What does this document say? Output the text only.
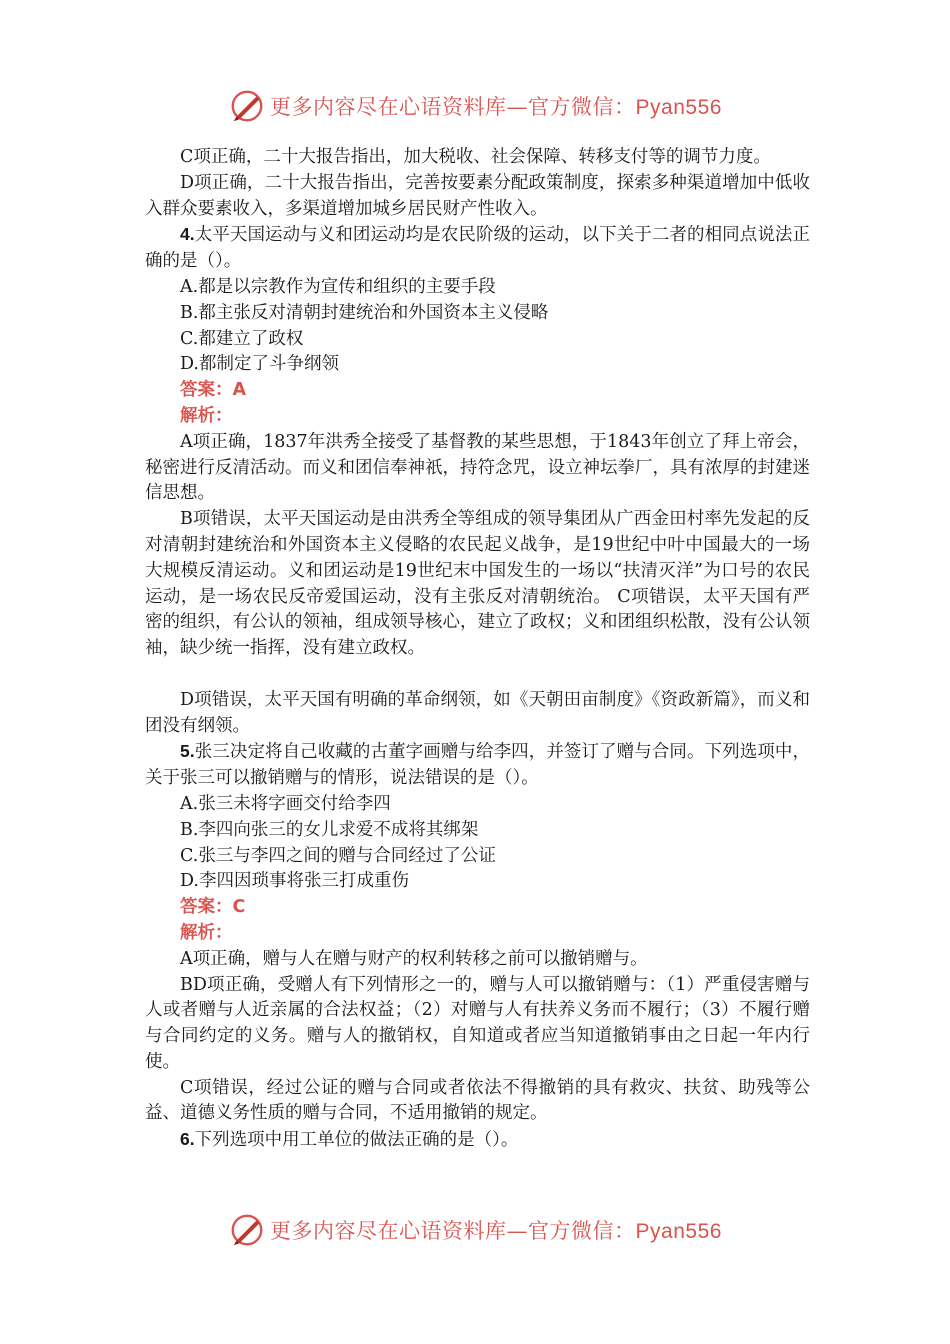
更多内容尽在心语资料库—官方微信：Pyan556

C项正确，二十大报告指出，加大税收、社会保障、转移支付等的调节力度。

D项正确，二十大报告指出，完善按要素分配政策制度，探索多种渠道增加中低收入群众要素收入，多渠道增加城乡居民财产性收入。

4.太平天国运动与义和团运动均是农民阶级的运动，以下关于二者的相同点说法正确的是（）。

A.都是以宗教作为宣传和组织的主要手段

B.都主张反对清朝封建统治和外国资本主义侵略

C.都建立了政权

D.都制定了斗争纲领

答案：A

解析：

A项正确，1837年洪秀全接受了基督教的某些思想，于1843年创立了拜上帝会，秘密进行反清活动。而义和团信奉神祇，持符念咒，设立神坛拳厂，具有浓厚的封建迷信思想。

B项错误，太平天国运动是由洪秀全等组成的领导集团从广西金田村率先发起的反对清朝封建统治和外国资本主义侵略的农民起义战争，是19世纪中叶中国最大的一场大规模反清运动。义和团运动是19世纪末中国发生的一场以“扶清灭洋”为口号的农民运动，是一场农民反帝爱国运动，没有主张反对清朝统治。 C项错误，太平天国有严密的组织，有公认的领袖，组成领导核心，建立了政权；义和团组织松散，没有公认领袖，缺少统一指挥，没有建立政权。

D项错误，太平天国有明确的革命纲领，如《天朝田亩制度》《资政新篇》，而义和团没有纲领。

5.张三决定将自己收藏的古董字画赠与给李四，并签订了赠与合同。下列选项中，关于张三可以撤销赠与的情形，说法错误的是（）。

A.张三未将字画交付给李四

B.李四向张三的女儿求爱不成将其绑架

C.张三与李四之间的赠与合同经过了公证

D.李四因琐事将张三打成重伤

答案：C

解析：

A项正确，赠与人在赠与财产的权利转移之前可以撤销赠与。

BD项正确，受赠人有下列情形之一的，赠与人可以撤销赠与：（1）严重侵害赠与人或者赠与人近亲属的合法权益；（2）对赠与人有扶养义务而不履行；（3）不履行赠与合同约定的义务。赠与人的撤销权，自知道或者应当知道撤销事由之日起一年内行使。

C项错误，经过公证的赠与合同或者依法不得撤销的具有救灾、扶贫、助残等公益、道德义务性质的赠与合同，不适用撤销的规定。

6.下列选项中用工单位的做法正确的是（）。

更多内容尽在心语资料库—官方微信：Pyan556
